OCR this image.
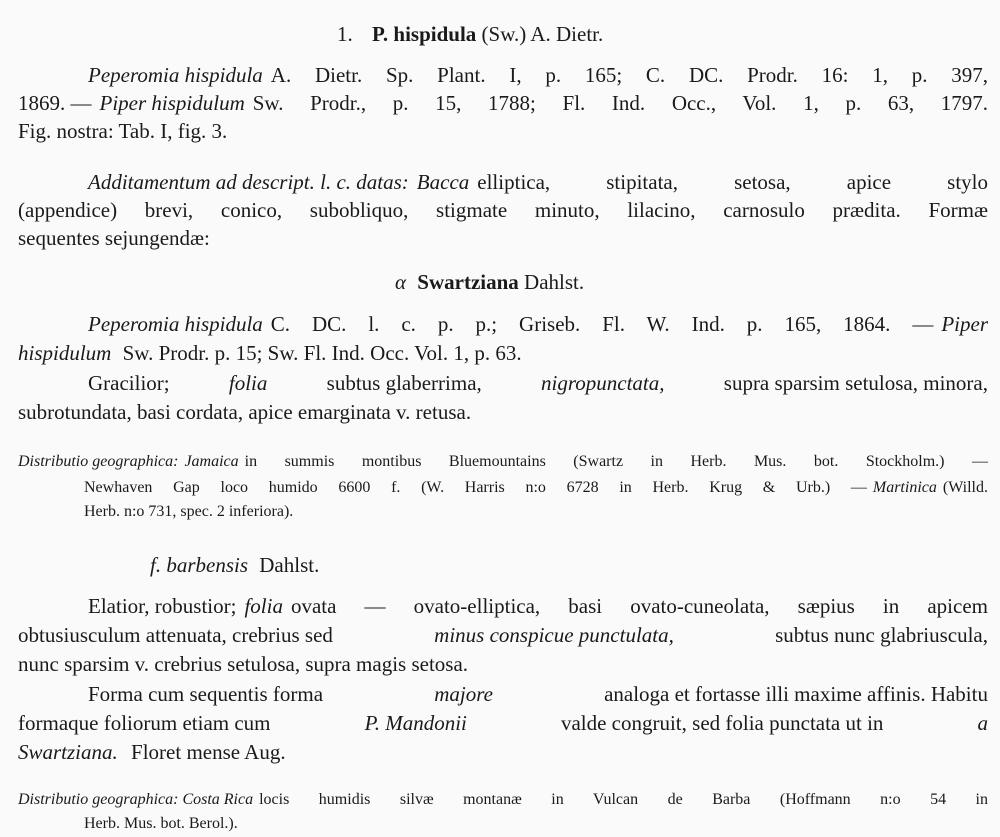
1. P. hispidula (Sw.) A. Dietr.
Peperomia hispidula A. Dietr. Sp. Plant. I, p. 165; C. DC. Prodr. 16: 1, p. 397,
1869. — Piper hispidulum Sw. Prodr., p. 15, 1788; Fl. Ind. Occ., Vol. 1, p. 63, 1797.
Fig. nostra: Tab. I, fig. 3.
Additamentum ad descript. l. c. datas: Bacca elliptica, stipitata, setosa, apice stylo
(appendice) brevi, conico, subobliquo, stigmate minuto, lilacino, carnosulo prædita. Formæ
sequentes sejungendæ:
α Swartziana Dahlst.
Peperomia hispidula C. DC. l. c. p. p.; Griseb. Fl. W. Ind. p. 165, 1864. — Piper
hispidulum Sw. Prodr. p. 15; Sw. Fl. Ind. Occ. Vol. 1, p. 63.
Gracilior;	folia	subtus glaberrima,	nigropunctata,	supra sparsim setulosa, minora,
subrotundata, basi cordata, apice emarginata v. retusa.
Distributio geographica: Jamaica in summis montibus Bluemountains (Swartz in Herb. Mus. bot. Stockholm.) —
Newhaven Gap loco humido 6600 f. (W. Harris n:o 6728 in Herb. Krug & Urb.) — Martinica (Willd.
Herb. n:o 731, spec. 2 inferiora).
f. barbensis Dahlst.
Elatior, robustior; folia ovata — ovato-elliptica, basi ovato-cuneolata, sæpius in apicem
obtusiusculum attenuata, crebrius sed	minus conspicue punctulata,	subtus nunc glabriuscula,
nunc sparsim v. crebrius setulosa, supra magis setosa.
Forma cum sequentis forma	majore	analoga et fortasse illi maxime affinis. Habitu
formaque foliorum etiam cum	P. Mandonii	valde congruit, sed folia punctata ut in	a
Swartziana. Floret mense Aug.
Distributio geographica: Costa Rica locis humidis silvæ montanæ in Vulcan de Barba (Hoffmann n:o 54 in
Herb. Mus. bot. Berol.).
